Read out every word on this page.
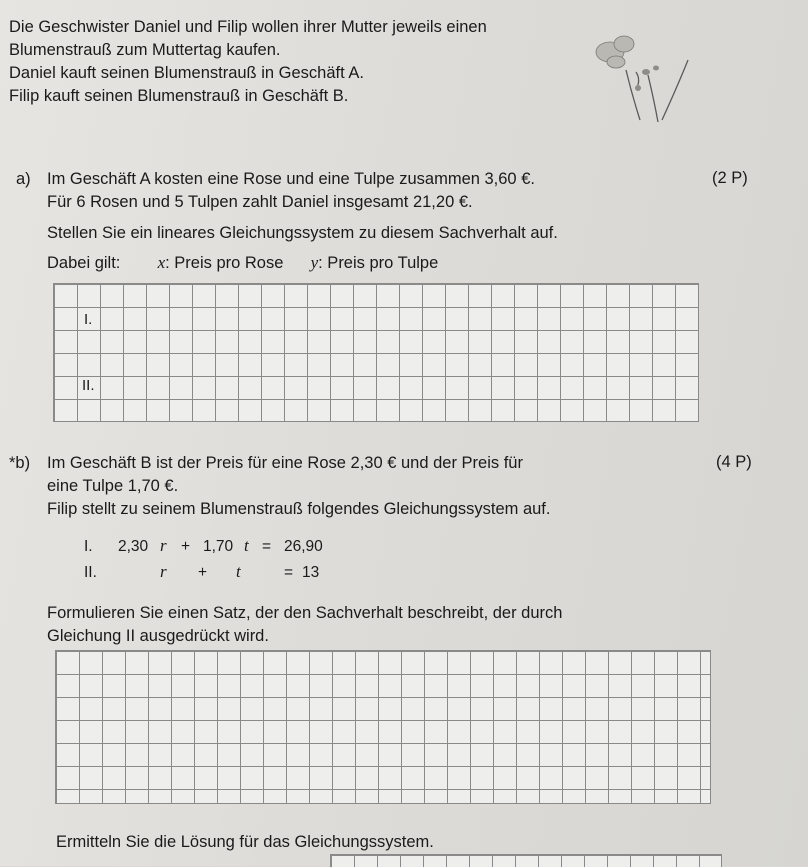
Die Geschwister Daniel und Filip wollen ihrer Mutter jeweils einen
Blumenstrauß zum Muttertag kaufen.
Daniel kauft seinen Blumenstrauß in Geschäft A.
Filip kauft seinen Blumenstrauß in Geschäft B.
a) Im Geschäft A kosten eine Rose und eine Tulpe zusammen 3,60 €.	(2 P)
Für 6 Rosen und 5 Tulpen zahlt Daniel insgesamt 21,20 €.
Stellen Sie ein lineares Gleichungssystem zu diesem Sachverhalt auf.
Dabei gilt: x: Preis pro Rose y: Preis pro Tulpe
I.
II.
*b) Im Geschäft B ist der Preis für eine Rose 2,30 € und der Preis für	(4 P)
eine Tulpe 1,70 €.
Filip stellt zu seinem Blumenstrauß folgendes Gleichungssystem auf.
I. 2,30 r + 1,70 t = 26,90
II.	r + t	= 13
Formulieren Sie einen Satz, der den Sachverhalt beschreibt, der durch
Gleichung II ausgedrückt wird.
Ermitteln Sie die Lösung für das Gleichungssystem.
